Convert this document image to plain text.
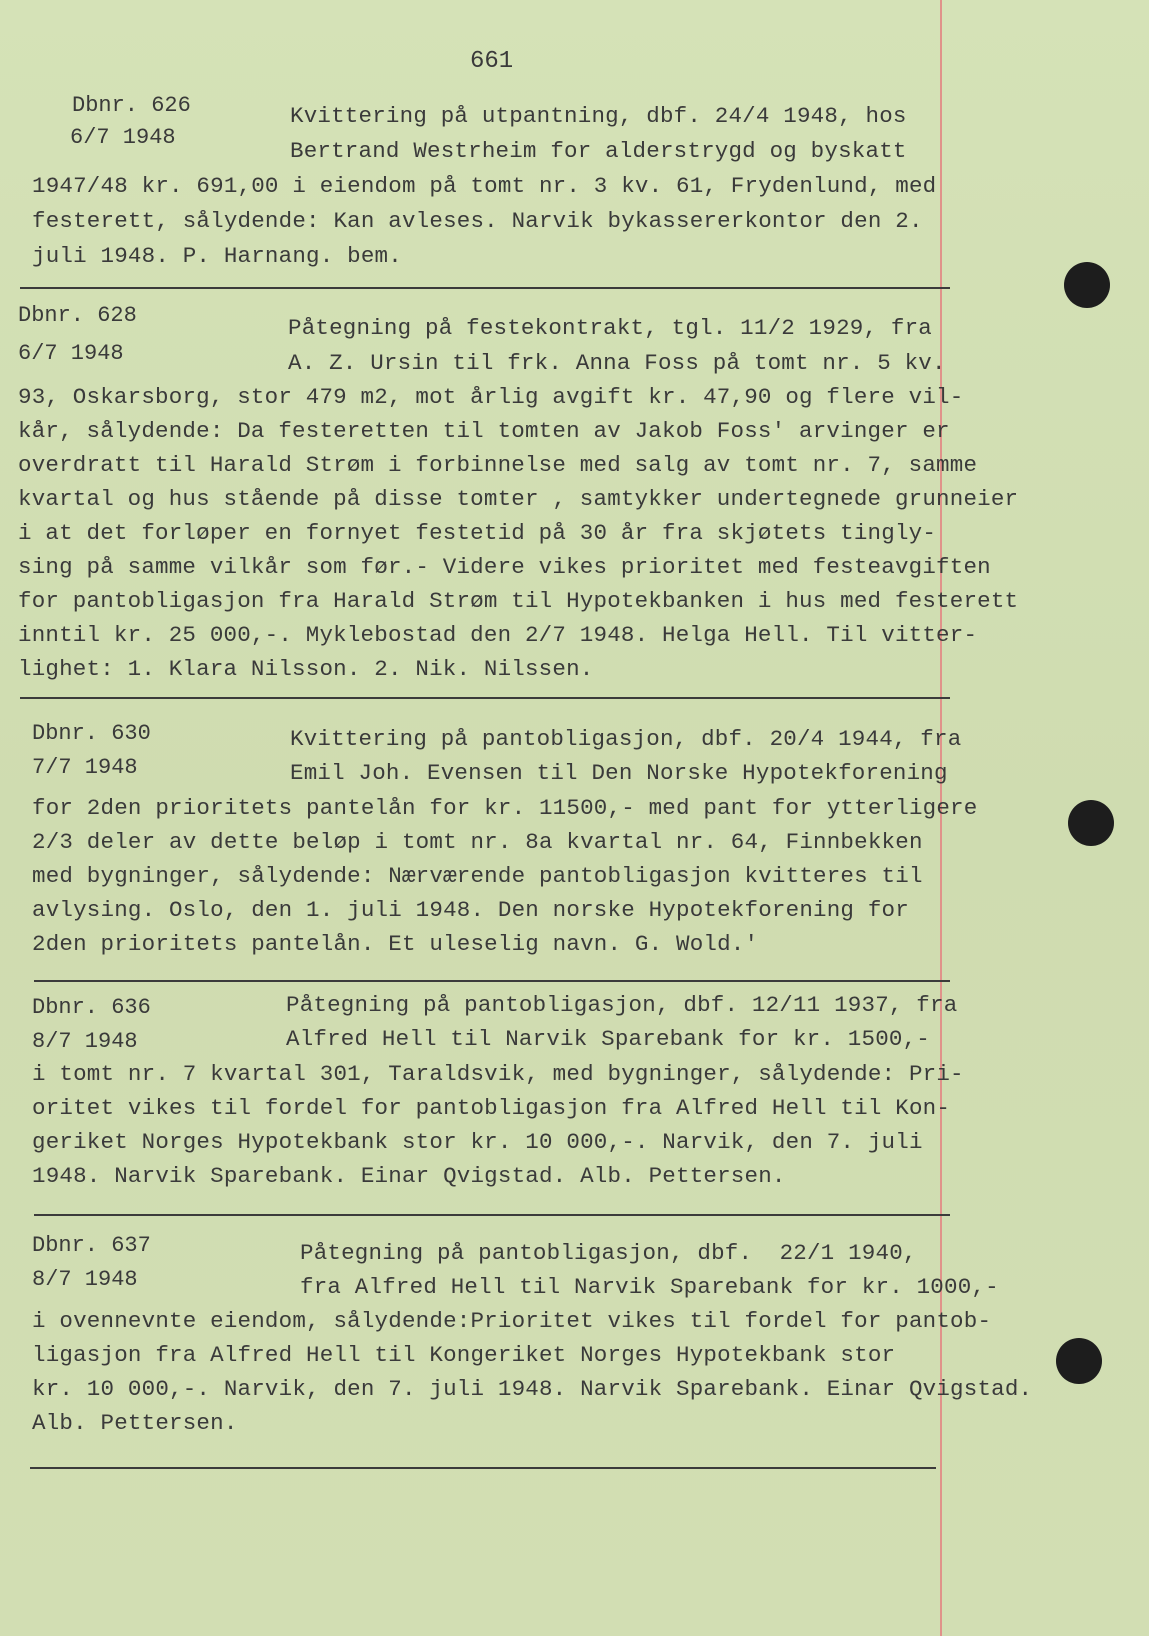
661
Dbnr. 626
6/7 1948
Kvittering på utpantning, dbf. 24/4 1948, hos
Bertrand Westrheim for alderstrygd og byskatt
1947/48 kr. 691,00 i eiendom på tomt nr. 3 kv. 61, Frydenlund, med
festerett, sålydende: Kan avleses. Narvik bykassererkontor den 2.
juli 1948. P. Harnang. bem.
Dbnr. 628
6/7 1948
Påtegning på festekontrakt, tgl. 11/2 1929, fra
A. Z. Ursin til frk. Anna Foss på tomt nr. 5 kv.
93, Oskarsborg, stor 479 m2, mot årlig avgift kr. 47,90 og flere vil-
kår, sålydende: Da festeretten til tomten av Jakob Foss' arvinger er
overdratt til Harald Strøm i forbinnelse med salg av tomt nr. 7, samme
kvartal og hus stående på disse tomter , samtykker undertegnede grunneier
i at det forløper en fornyet festetid på 30 år fra skjøtets tingly-
sing på samme vilkår som før.- Videre vikes prioritet med festeavgiften
for pantobligasjon fra Harald Strøm til Hypotekbanken i hus med festerett
inntil kr. 25 000,-. Myklebostad den 2/7 1948. Helga Hell. Til vitter-
lighet: 1. Klara Nilsson. 2. Nik. Nilssen.
Dbnr. 630
7/7 1948
Kvittering på pantobligasjon, dbf. 20/4 1944, fra
Emil Joh. Evensen til Den Norske Hypotekforening
for 2den prioritets pantelån for kr. 11500,- med pant for ytterligere
2/3 deler av dette beløp i tomt nr. 8a kvartal nr. 64, Finnbekken
med bygninger, sålydende: Nærværende pantobligasjon kvitteres til
avlysing. Oslo, den 1. juli 1948. Den norske Hypotekforening for
2den prioritets pantelån. Et uleselig navn. G. Wold.'
Dbnr. 636
8/7 1948
Påtegning på pantobligasjon, dbf. 12/11 1937, fra
Alfred Hell til Narvik Sparebank for kr. 1500,-
i tomt nr. 7 kvartal 301, Taraldsvik, med bygninger, sålydende: Pri-
oritet vikes til fordel for pantobligasjon fra Alfred Hell til Kon-
geriket Norges Hypotekbank stor kr. 10 000,-. Narvik, den 7. juli
1948. Narvik Sparebank. Einar Qvigstad. Alb. Pettersen.
Dbnr. 637
8/7 1948
Påtegning på pantobligasjon, dbf.  22/1 1940,
fra Alfred Hell til Narvik Sparebank for kr. 1000,-
i ovennevnte eiendom, sålydende:Prioritet vikes til fordel for pantob-
ligasjon fra Alfred Hell til Kongeriket Norges Hypotekbank stor
kr. 10 000,-. Narvik, den 7. juli 1948. Narvik Sparebank. Einar Qvigstad.
Alb. Pettersen.
